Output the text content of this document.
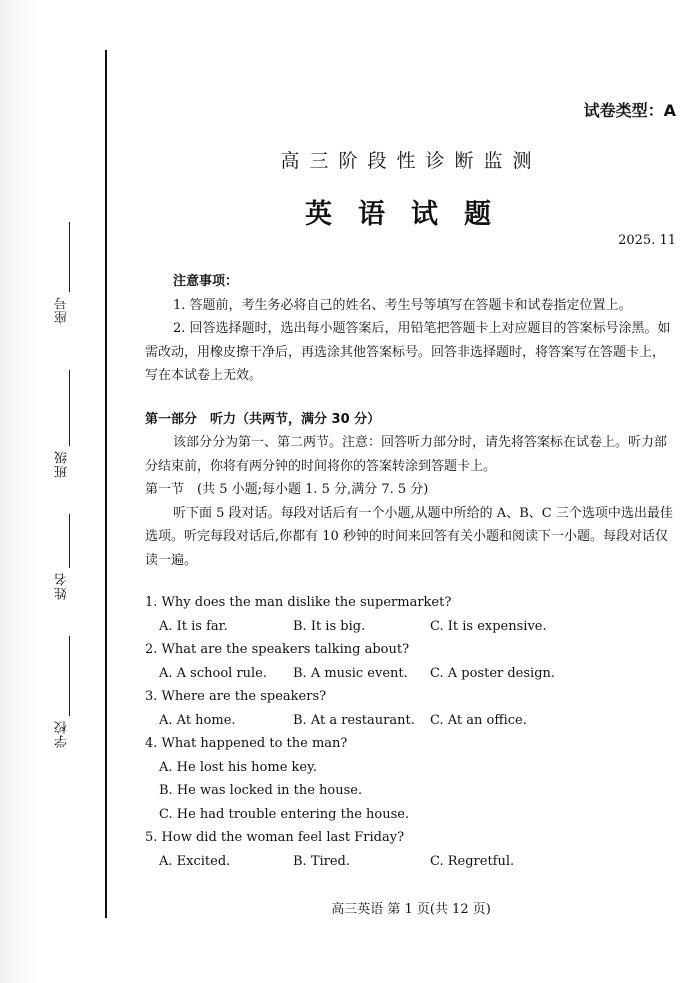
座号
班级
姓名
学校
试卷类型：A
高三阶段性诊断监测
英语试题
2025. 11

注意事项：

1. 答题前，考生务必将自己的姓名、考生号等填写在答题卡和试卷指定位置上。

2. 回答选择题时，选出每小题答案后，用铅笔把答题卡上对应题目的答案标号涂黑。如需改动，用橡皮擦干净后，再选涂其他答案标号。回答非选择题时，将答案写在答题卡上，写在本试卷上无效。

第一部分　听力（共两节，满分 30 分）

该部分分为第一、第二两节。注意：回答听力部分时，请先将答案标在试卷上。听力部分结束前，你将有两分钟的时间将你的答案转涂到答题卡上。

第一节　(共 5 小题;每小题 1. 5 分,满分 7. 5 分)

听下面 5 段对话。每段对话后有一个小题,从题中所给的 A、B、C 三个选项中选出最佳选项。听完每段对话后,你都有 10 秒钟的时间来回答有关小题和阅读下一小题。每段对话仅读一遍。

1. Why does the man dislike the supermarket?

A. It is far.	B. It is big.	C. It is expensive.

2. What are the speakers talking about?

A. A school rule.	B. A music event.	C. A poster design.

3. Where are the speakers?

A. At home.	B. At a restaurant.	C. At an office.

4. What happened to the man?

A. He lost his home key.

B. He was locked in the house.

C. He had trouble entering the house.

5. How did the woman feel last Friday?

A. Excited.	B. Tired.	C. Regretful.
高三英语 第 1 页(共 12 页)
